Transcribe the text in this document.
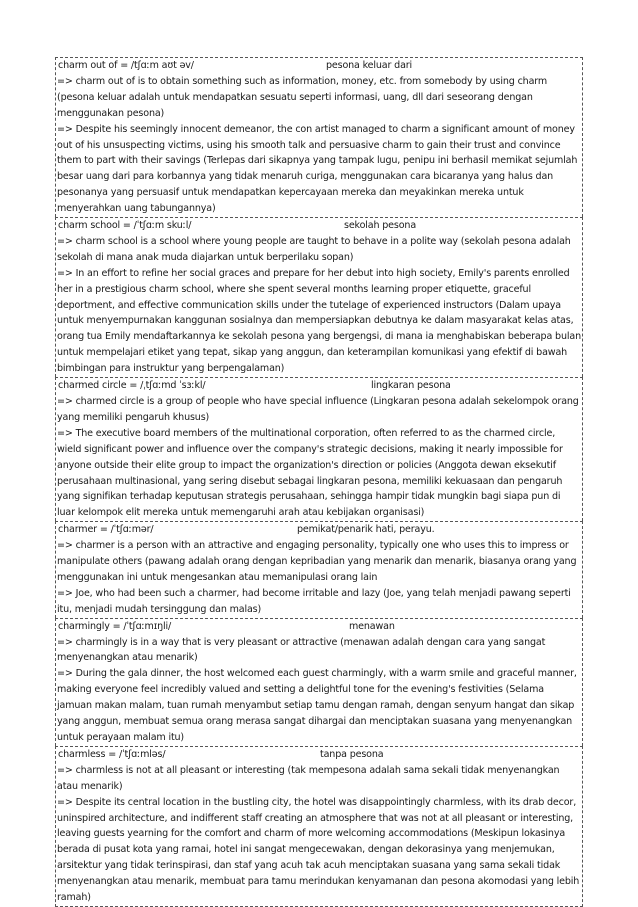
charm out of = /tʃɑːm aʊt əv/	pesona keluar dari

=> charm out of is to obtain something such as information, money, etc. from somebody by using charm (pesona keluar adalah untuk mendapatkan sesuatu seperti informasi, uang, dll dari seseorang dengan menggunakan pesona)

=> Despite his seemingly innocent demeanor, the con artist managed to charm a significant amount of money out of his unsuspecting victims, using his smooth talk and persuasive charm to gain their trust and convince them to part with their savings (Terlepas dari sikapnya yang tampak lugu, penipu ini berhasil memikat sejumlah besar uang dari para korbannya yang tidak menaruh curiga, menggunakan cara bicaranya yang halus dan pesonanya yang persuasif untuk mendapatkan kepercayaan mereka dan meyakinkan mereka untuk menyerahkan uang tabungannya)

charm school = /ˈtʃɑːm skuːl/	sekolah pesona

=> charm school is a school where young people are taught to behave in a polite way (sekolah pesona adalah sekolah di mana anak muda diajarkan untuk berperilaku sopan)

=> In an effort to refine her social graces and prepare for her debut into high society, Emily's parents enrolled her in a prestigious charm school, where she spent several months learning proper etiquette, graceful deportment, and effective communication skills under the tutelage of experienced instructors (Dalam upaya untuk menyempurnakan kanggunan sosialnya dan mempersiapkan debutnya ke dalam masyarakat kelas atas, orang tua Emily mendaftarkannya ke sekolah pesona yang bergengsi, di mana ia menghabiskan beberapa bulan untuk mempelajari etiket yang tepat, sikap yang anggun, dan keterampilan komunikasi yang efektif di bawah bimbingan para instruktur yang berpengalaman)

charmed circle = /ˌtʃɑːmd ˈsɜːkl/	lingkaran pesona

=> charmed circle is a group of people who have special influence (Lingkaran pesona adalah sekelompok orang yang memiliki pengaruh khusus)

=> The executive board members of the multinational corporation, often referred to as the charmed circle, wield significant power and influence over the company's strategic decisions, making it nearly impossible for anyone outside their elite group to impact the organization's direction or policies (Anggota dewan eksekutif perusahaan multinasional, yang sering disebut sebagai lingkaran pesona, memiliki kekuasaan dan pengaruh yang signifikan terhadap keputusan strategis perusahaan, sehingga hampir tidak mungkin bagi siapa pun di luar kelompok elit mereka untuk memengaruhi arah atau kebijakan organisasi)

charmer = /ˈtʃɑːmər/	pemikat/penarik hati, perayu.

=> charmer is a person with an attractive and engaging personality, typically one who uses this to impress or manipulate others (pawang adalah orang dengan kepribadian yang menarik dan menarik, biasanya orang yang menggunakan ini untuk mengesankan atau memanipulasi orang lain

=> Joe, who had been such a charmer, had become irritable and lazy (Joe, yang telah menjadi pawang seperti itu, menjadi mudah tersinggung dan malas)

charmingly = /ˈtʃɑːmɪŋli/	menawan

=> charmingly is in a way that is very pleasant or attractive (menawan adalah dengan cara yang sangat menyenangkan atau menarik)

=> During the gala dinner, the host welcomed each guest charmingly, with a warm smile and graceful manner, making everyone feel incredibly valued and setting a delightful tone for the evening's festivities (Selama jamuan makan malam, tuan rumah menyambut setiap tamu dengan ramah, dengan senyum hangat dan sikap yang anggun, membuat semua orang merasa sangat dihargai dan menciptakan suasana yang menyenangkan untuk perayaan malam itu)

charmless = /ˈtʃɑːmləs/	tanpa pesona

=> charmless is not at all pleasant or interesting (tak mempesona adalah sama sekali tidak menyenangkan atau menarik)

=> Despite its central location in the bustling city, the hotel was disappointingly charmless, with its drab decor, uninspired architecture, and indifferent staff creating an atmosphere that was not at all pleasant or interesting, leaving guests yearning for the comfort and charm of more welcoming accommodations (Meskipun lokasinya berada di pusat kota yang ramai, hotel ini sangat mengecewakan, dengan dekorasinya yang menjemukan, arsitektur yang tidak terinspirasi, dan staf yang acuh tak acuh menciptakan suasana yang sama sekali tidak menyenangkan atau menarik, membuat para tamu merindukan kenyamanan dan pesona akomodasi yang lebih ramah)
